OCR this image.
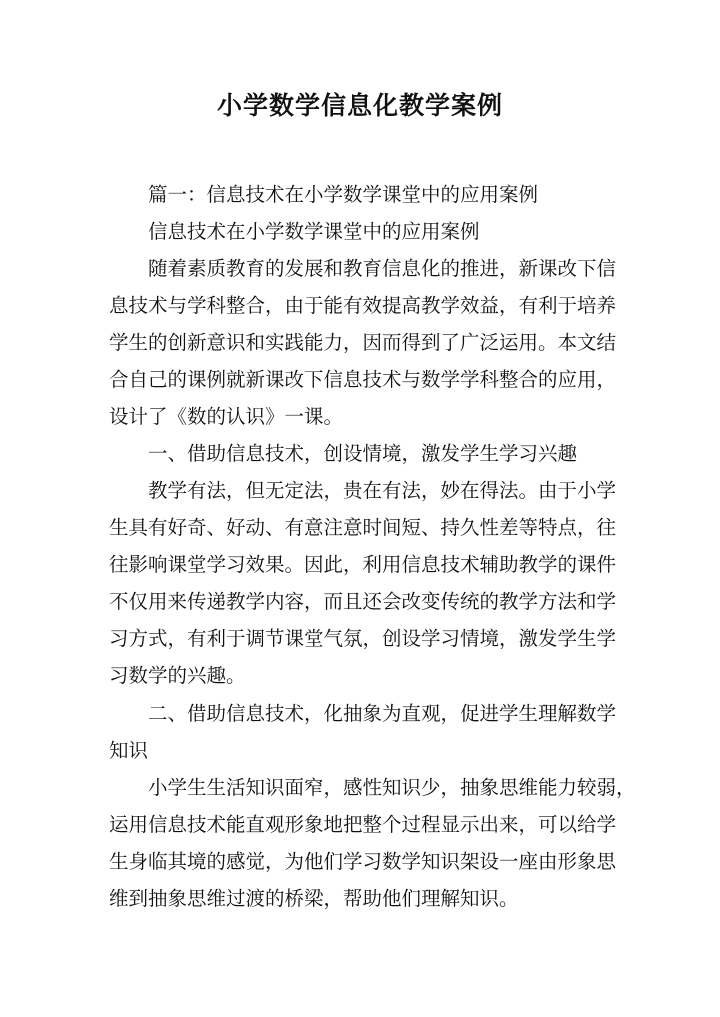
小学数学信息化教学案例

篇一：信息技术在小学数学课堂中的应用案例

信息技术在小学数学课堂中的应用案例

随着素质教育的发展和教育信息化的推进，新课改下信

息技术与学科整合，由于能有效提高教学效益，有利于培养

学生的创新意识和实践能力，因而得到了广泛运用。本文结

合自己的课例就新课改下信息技术与数学学科整合的应用，

设计了《数的认识》一课。

一、借助信息技术，创设情境，激发学生学习兴趣

教学有法，但无定法，贵在有法，妙在得法。由于小学

生具有好奇、好动、有意注意时间短、持久性差等特点，往

往影响课堂学习效果。因此，利用信息技术辅助教学的课件

不仅用来传递教学内容，而且还会改变传统的教学方法和学

习方式，有利于调节课堂气氛，创设学习情境，激发学生学

习数学的兴趣。

二、借助信息技术，化抽象为直观，促进学生理解数学

知识

小学生生活知识面窄，感性知识少，抽象思维能力较弱，

运用信息技术能直观形象地把整个过程显示出来，可以给学

生身临其境的感觉，为他们学习数学知识架设一座由形象思

维到抽象思维过渡的桥梁，帮助他们理解知识。
